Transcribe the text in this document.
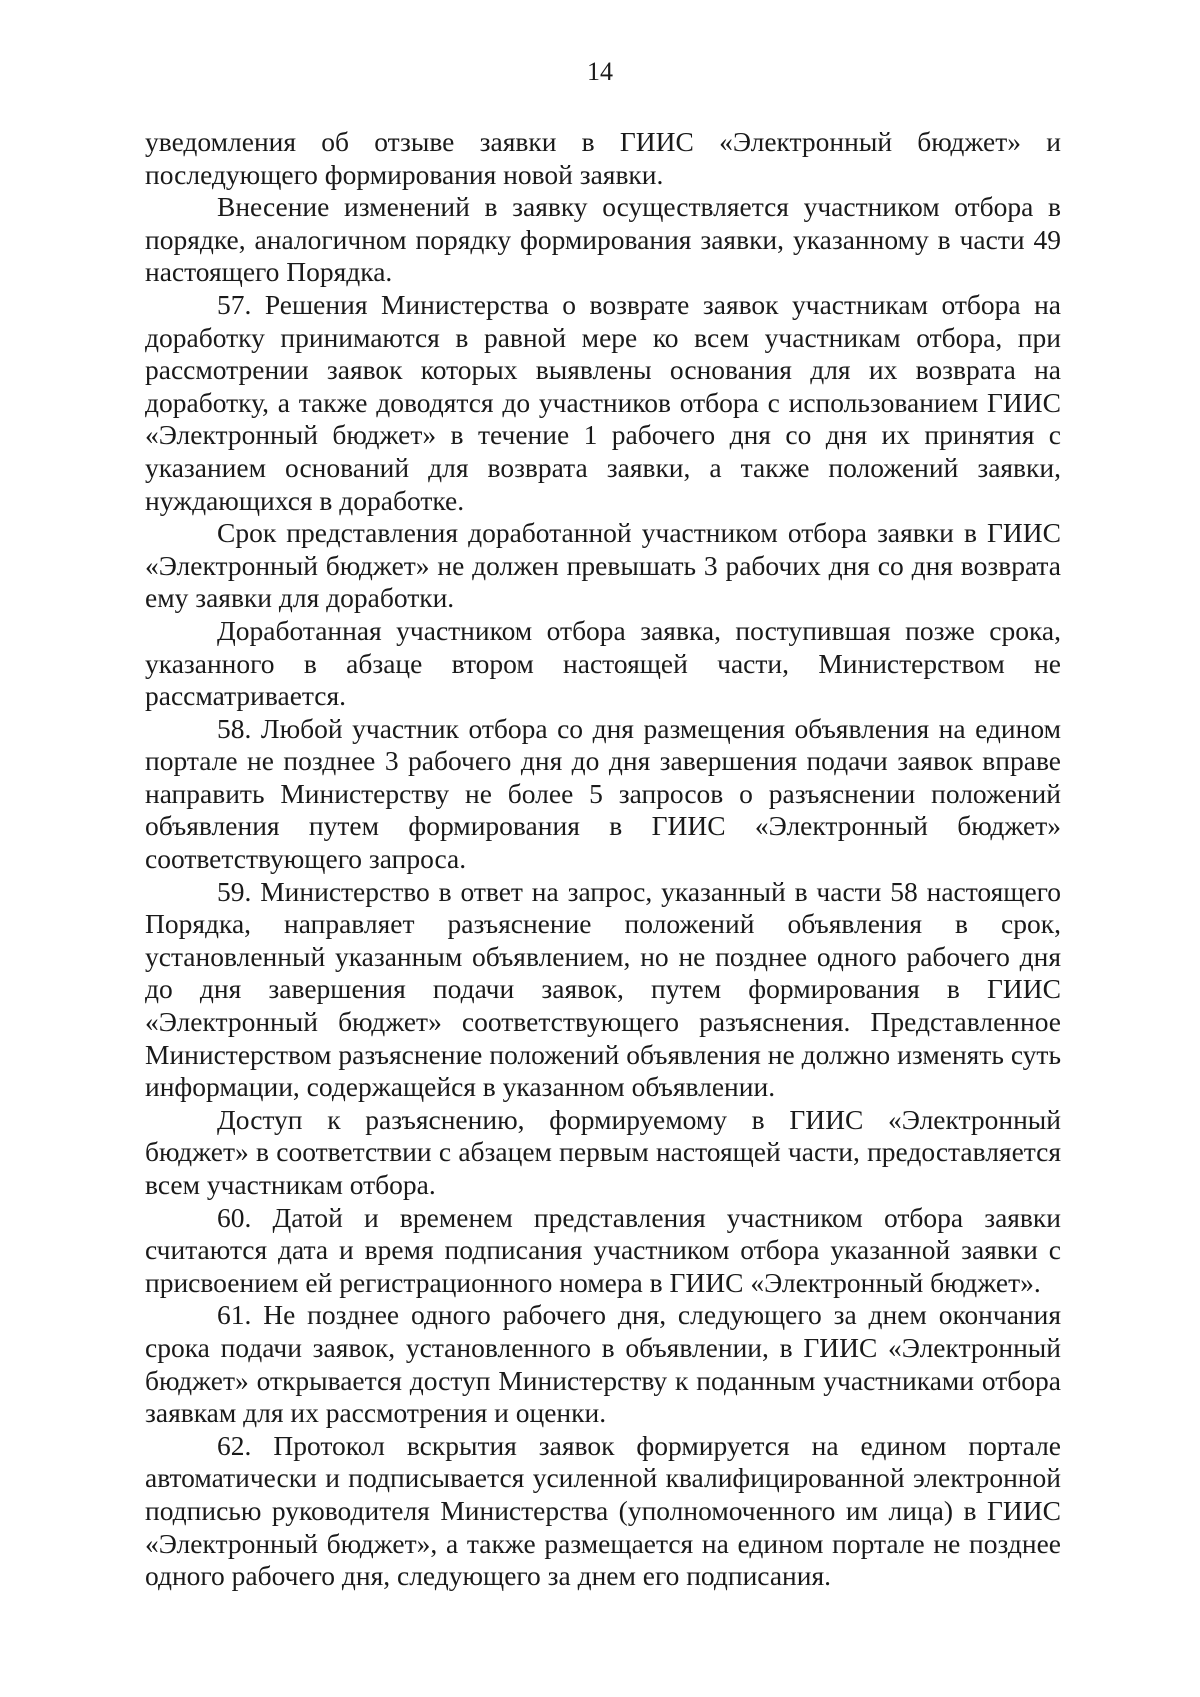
14

уведомления об отзыве заявки в ГИИС «Электронный бюджет» и последующего формирования новой заявки.

Внесение изменений в заявку осуществляется участником отбора в порядке, аналогичном порядку формирования заявки, указанному в части 49 настоящего Порядка.

57. Решения Министерства о возврате заявок участникам отбора на доработку принимаются в равной мере ко всем участникам отбора, при рассмотрении заявок которых выявлены основания для их возврата на доработку, а также доводятся до участников отбора с использованием ГИИС «Электронный бюджет» в течение 1 рабочего дня со дня их принятия с указанием оснований для возврата заявки, а также положений заявки, нуждающихся в доработке.

Срок представления доработанной участником отбора заявки в ГИИС «Электронный бюджет» не должен превышать 3 рабочих дня со дня возврата ему заявки для доработки.

Доработанная участником отбора заявка, поступившая позже срока, указанного в абзаце втором настоящей части, Министерством не рассматривается.

58. Любой участник отбора со дня размещения объявления на едином портале не позднее 3 рабочего дня до дня завершения подачи заявок вправе направить Министерству не более 5 запросов о разъяснении положений объявления путем формирования в ГИИС «Электронный бюджет» соответствующего запроса.

59. Министерство в ответ на запрос, указанный в части 58 настоящего Порядка, направляет разъяснение положений объявления в срок, установленный указанным объявлением, но не позднее одного рабочего дня до дня завершения подачи заявок, путем формирования в ГИИС «Электронный бюджет» соответствующего разъяснения. Представленное Министерством разъяснение положений объявления не должно изменять суть информации, содержащейся в указанном объявлении.

Доступ к разъяснению, формируемому в ГИИС «Электронный бюджет» в соответствии с абзацем первым настоящей части, предоставляется всем участникам отбора.

60. Датой и временем представления участником отбора заявки считаются дата и время подписания участником отбора указанной заявки с присвоением ей регистрационного номера в ГИИС «Электронный бюджет».

61. Не позднее одного рабочего дня, следующего за днем окончания срока подачи заявок, установленного в объявлении, в ГИИС «Электронный бюджет» открывается доступ Министерству к поданным участниками отбора заявкам для их рассмотрения и оценки.

62. Протокол вскрытия заявок формируется на едином портале автоматически и подписывается усиленной квалифицированной электронной подписью руководителя Министерства (уполномоченного им лица) в ГИИС «Электронный бюджет», а также размещается на едином портале не позднее одного рабочего дня, следующего за днем его подписания.
